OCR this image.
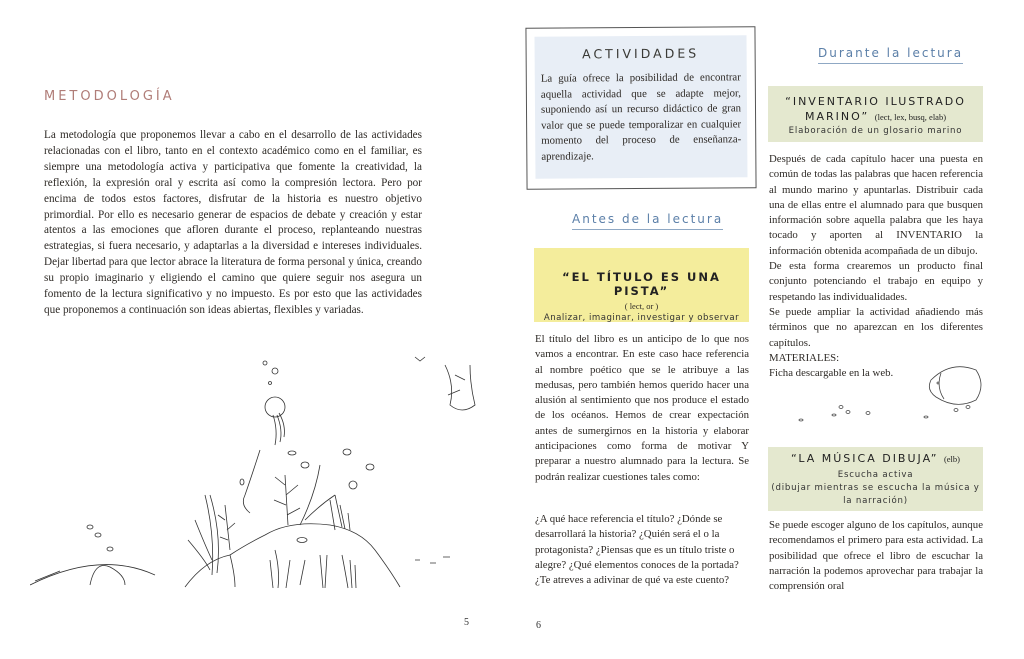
METODOLOGÍA

La metodología que proponemos llevar a cabo en el desarrollo de las actividades relacionadas con el libro, tanto en el contexto académico como en el familiar, es siempre una metodología activa y participativa que fomente la creatividad, la reflexión, la expresión oral y escrita así como la compresión lectora. Pero por encima de todos estos factores, disfrutar de la historia es nuestro objetivo primordial. Por ello es necesario generar de espacios de debate y creación y estar atentos a las emociones que afloren durante el proceso, replanteando nuestras estrategias, si fuera necesario, y adaptarlas a la diversidad e intereses individuales. Dejar libertad para que lector abrace la literatura de forma personal y única, creando su propio imaginario y eligiendo el camino que quiere seguir nos asegura un fomento de la lectura significativo y no impuesto. Es por esto que las actividades que proponemos a continuación son ideas abiertas, flexibles y variadas.

5
ACTIVIDADES

La guía ofrece la posibilidad de encontrar aquella actividad que se adapte mejor, suponiendo así un recurso didáctico de gran valor que se puede temporalizar en cualquier momento del proceso de enseñanza- aprendizaje.

Antes de la lectura
“EL TÍTULO ES UNA PISTA”
( lect, or )
Analizar, imaginar, investigar y observar

El título del libro es un anticipo de lo que nos vamos a encontrar. En este caso hace referencia al nombre poético que se le atribuye a las medusas, pero también hemos querido hacer una alusión al sentimiento que nos produce el estado de los océanos. Hemos de crear expectación antes de sumergirnos en la historia y elaborar anticipaciones como forma de motivar Y preparar a nuestro alumnado para la lectura. Se podrán realizar cuestiones tales como:

¿A qué hace referencia el título? ¿Dónde se desarrollará la historia? ¿Quién será el o la protagonista? ¿Piensas que es un título triste o alegre? ¿Qué elementos conoces de la portada? ¿Te atreves a adivinar de qué va este cuento?

6
Durante la lectura
“INVENTARIO ILUSTRADO
MARINO” (lect, lex, busq, elab)
Elaboración de un glosario marino
Después de cada capítulo hacer una puesta en común de todas las palabras que hacen referencia al mundo marino y apuntarlas. Distribuir cada una de ellas entre el alumnado para que busquen información sobre aquella palabra que les haya tocado y aporten al INVENTARIO la información obtenida acompañada de un dibujo.
De esta forma crearemos un producto final conjunto potenciando el trabajo en equipo y respetando las individualidades.
Se puede ampliar la actividad añadiendo más términos que no aparezcan en los diferentes capítulos.
MATERIALES:
Ficha descargable en la web.
“LA MÚSICA DIBUJA” (elb)
Escucha activa
(dibujar mientras se escucha la música y la narración)

Se puede escoger alguno de los capítulos, aunque recomendamos el primero para esta actividad. La posibilidad que ofrece el libro de escuchar la narración la podemos aprovechar para trabajar la comprensión oral
